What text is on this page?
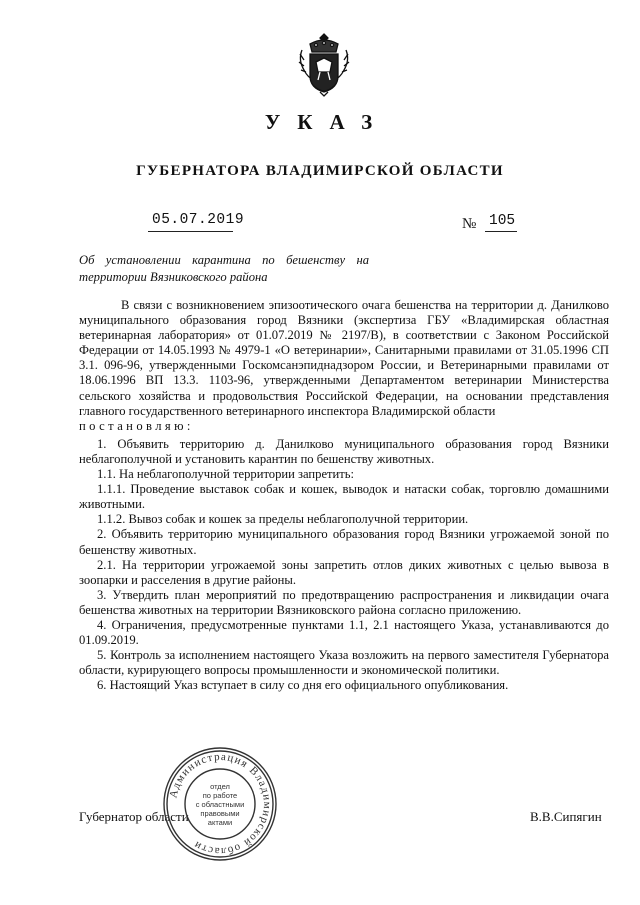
УКАЗ
ГУБЕРНАТОРА ВЛАДИМИРСКОЙ ОБЛАСТИ
05.07.2019	№ 105
Об установлении карантина по бешенству на территории Вязниковского района

В связи с возникновением эпизоотического очага бешенства на территории д. Данилково муниципального образования город Вязники (экспертиза ГБУ «Владимирская областная ветеринарная лаборатория» от 01.07.2019 № 2197/В), в соответствии с Законом Российской Федерации от 14.05.1993 № 4979-1 «О ветеринарии», Санитарными правилами от 31.05.1996 СП 3.1. 096-96, утвержденными Госкомсанэпиднадзором России, и Ветеринарными правилами от 18.06.1996 ВП 13.3. 1103-96, утвержденными Департаментом ветеринарии Министерства сельского хозяйства и продовольствия Российской Федерации, на основании представления главного государственного ветеринарного инспектора Владимирской области

постановляю:

1. Объявить территорию д. Данилково муниципального образования город Вязники неблагополучной и установить карантин по бешенству животных.

1.1. На неблагополучной территории запретить:

1.1.1. Проведение выставок собак и кошек, выводок и натаски собак, торговлю домашними животными.

1.1.2. Вывоз собак и кошек за пределы неблагополучной территории.

2. Объявить территорию муниципального образования город Вязники угрожаемой зоной по бешенству животных.

2.1. На территории угрожаемой зоны запретить отлов диких животных с целью вывоза в зоопарки и расселения в другие районы.

3. Утвердить план мероприятий по предотвращению распространения и ликвидации очага бешенства животных на территории Вязниковского района согласно приложению.

4. Ограничения, предусмотренные пунктами 1.1, 2.1 настоящего Указа, устанавливаются до 01.09.2019.

5. Контроль за исполнением настоящего Указа возложить на первого заместителя Губернатора области, курирующего вопросы промышленности и экономической политики.

6. Настоящий Указ вступает в силу со дня его официального опубликования.

Губернатор области	В.В.Сипягин
Администрация Владимирской области
отдел
по работе
с областными
правовыми
актами
